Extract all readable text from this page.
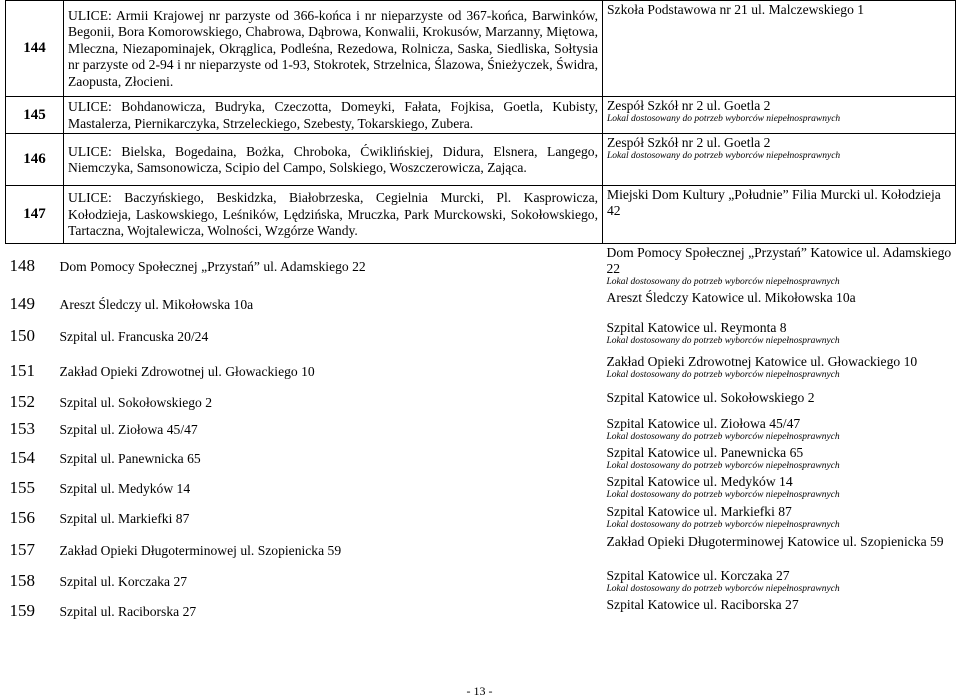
144	ULICE: Armii Krajowej nr parzyste od 366-końca i nr nieparzyste od 367-końca, Barwinków, Begonii, Bora Komorowskiego, Chabrowa, Dąbrowa, Konwalii, Krokusów, Marzanny, Miętowa, Mleczna, Niezapominajek, Okrąglica, Podleśna, Rezedowa, Rolnicza, Saska, Siedliska, Sołtysia nr parzyste od 2-94 i nr nieparzyste od 1-93, Stokrotek, Strzelnica, Ślazowa, Śnieżyczek, Świdra, Zaopusta, Złocieni.	Szkoła Podstawowa nr 21 ul. Malczewskiego 1

145	ULICE: Bohdanowicza, Budryka, Czeczotta, Domeyki, Fałata, Fojkisa, Goetla, Kubisty, Mastalerza, Piernikarczyka, Strzeleckiego, Szebesty, Tokarskiego, Zubera.	Zespół Szkół nr 2 ul. Goetla 2
Lokal dostosowany do potrzeb wyborców niepełnosprawnych

146	ULICE: Bielska, Bogedaina, Bożka, Chroboka, Ćwiklińskiej, Didura, Elsnera, Langego, Niemczyka, Samsonowicza, Scipio del Campo, Solskiego, Woszczerowicza, Zająca.	Zespół Szkół nr 2 ul. Goetla 2
Lokal dostosowany do potrzeb wyborców niepełnosprawnych

147	ULICE: Baczyńskiego, Beskidzka, Białobrzeska, Cegielnia Murcki, Pl. Kasprowicza, Kołodzieja, Laskowskiego, Leśników, Lędzińska, Mruczka, Park Murckowski, Sokołowskiego, Tartaczna, Wojtalewicza, Wolności, Wzgórze Wandy.	Miejski Dom Kultury „Południe” Filia Murcki ul. Kołodzieja 42

148 Dom Pomocy Społecznej „Przystań” ul. Adamskiego 22		Dom Pomocy Społecznej „Przystań” Katowice ul. Adamskiego 22
Lokal dostosowany do potrzeb wyborców niepełnosprawnych

149 Areszt Śledczy ul. Mikołowska 10a		Areszt Śledczy Katowice ul. Mikołowska 10a

150 Szpital ul. Francuska 20/24		Szpital Katowice ul. Reymonta 8
Lokal dostosowany do potrzeb wyborców niepełnosprawnych

151 Zakład Opieki Zdrowotnej ul. Głowackiego 10		Zakład Opieki Zdrowotnej Katowice ul. Głowackiego 10
Lokal dostosowany do potrzeb wyborców niepełnosprawnych

152 Szpital ul. Sokołowskiego 2		Szpital Katowice ul. Sokołowskiego 2

153 Szpital ul. Ziołowa 45/47		Szpital Katowice ul. Ziołowa 45/47
Lokal dostosowany do potrzeb wyborców niepełnosprawnych

154 Szpital ul. Panewnicka 65		Szpital Katowice ul. Panewnicka 65
Lokal dostosowany do potrzeb wyborców niepełnosprawnych

155 Szpital ul. Medyków 14		Szpital Katowice ul. Medyków 14
Lokal dostosowany do potrzeb wyborców niepełnosprawnych

156 Szpital ul. Markiefki 87		Szpital Katowice ul. Markiefki 87
Lokal dostosowany do potrzeb wyborców niepełnosprawnych

157 Zakład Opieki Długoterminowej ul. Szopienicka 59		Zakład Opieki Długoterminowej Katowice ul. Szopienicka 59

158 Szpital ul. Korczaka 27		Szpital Katowice ul. Korczaka 27
Lokal dostosowany do potrzeb wyborców niepełnosprawnych

159 Szpital ul. Raciborska 27		Szpital Katowice ul. Raciborska 27
- 13 -
